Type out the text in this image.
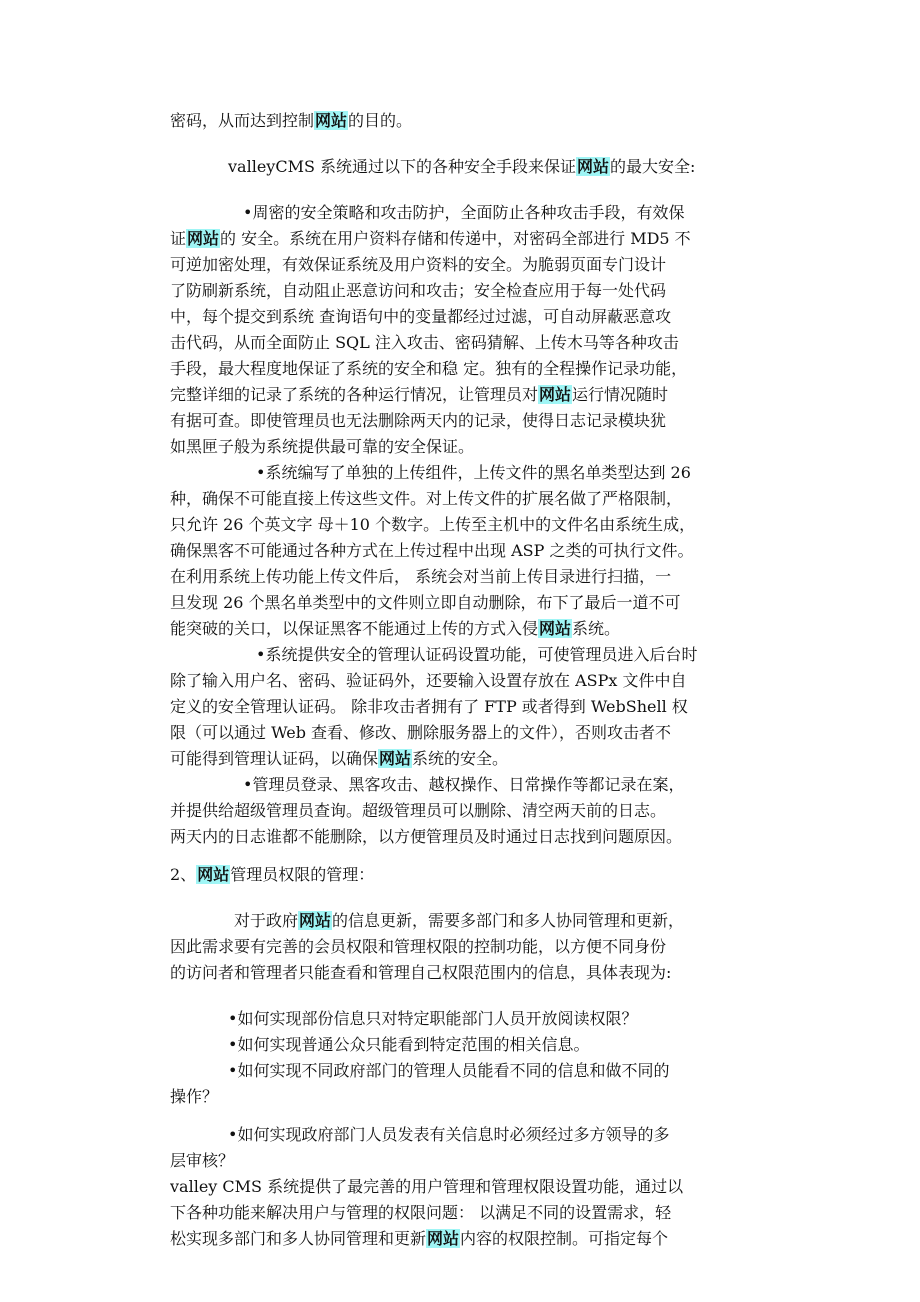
密码，从而达到控制网站的目的。
valleyCMS 系统通过以下的各种安全手段来保证网站的最大安全:
•周密的安全策略和攻击防护，全面防止各种攻击手段，有效保
证网站的 安全。系统在用户资料存储和传递中，对密码全部进行 MD5 不
可逆加密处理，有效保证系统及用户资料的安全。为脆弱页面专门设计
了防刷新系统，自动阻止恶意访问和攻击；安全检查应用于每一处代码
中，每个提交到系统 查询语句中的变量都经过过滤，可自动屏蔽恶意攻
击代码，从而全面防止 SQL 注入攻击、密码猜解、上传木马等各种攻击
手段，最大程度地保证了系统的安全和稳 定。独有的全程操作记录功能，
完整详细的记录了系统的各种运行情况，让管理员对网站运行情况随时
有据可查。即使管理员也无法删除两天内的记录，使得日志记录模块犹
如黑匣子般为系统提供最可靠的安全保证。
•系统编写了单独的上传组件，上传文件的黑名单类型达到 26
种，确保不可能直接上传这些文件。对上传文件的扩展名做了严格限制，
只允许 26 个英文字 母＋10 个数字。上传至主机中的文件名由系统生成，
确保黑客不可能通过各种方式在上传过程中出现 ASP 之类的可执行文件。
在利用系统上传功能上传文件后， 系统会对当前上传目录进行扫描，一
旦发现 26 个黑名单类型中的文件则立即自动删除，布下了最后一道不可
能突破的关口，以保证黑客不能通过上传的方式入侵网站系统。
•系统提供安全的管理认证码设置功能，可使管理员进入后台时
除了输入用户名、密码、验证码外，还要输入设置存放在 ASPx 文件中自
定义的安全管理认证码。 除非攻击者拥有了 FTP 或者得到 WebShell 权
限（可以通过 Web 查看、修改、删除服务器上的文件），否则攻击者不
可能得到管理认证码，以确保网站系统的安全。
•管理员登录、黑客攻击、越权操作、日常操作等都记录在案，
并提供给超级管理员查询。超级管理员可以删除、清空两天前的日志。
两天内的日志谁都不能删除，以方便管理员及时通过日志找到问题原因。
2、网站管理员权限的管理：
对于政府网站的信息更新，需要多部门和多人协同管理和更新，
因此需求要有完善的会员权限和管理权限的控制功能，以方便不同身份
的访问者和管理者只能查看和管理自己权限范围内的信息，具体表现为:
•如何实现部份信息只对特定职能部门人员开放阅读权限？
•如何实现普通公众只能看到特定范围的相关信息。
•如何实现不同政府部门的管理人员能看不同的信息和做不同的
操作？
•如何实现政府部门人员发表有关信息时必须经过多方领导的多
层审核？
valley CMS 系统提供了最完善的用户管理和管理权限设置功能，通过以
下各种功能来解决用户与管理的权限问题： 以满足不同的设置需求，轻
松实现多部门和多人协同管理和更新网站内容的权限控制。可指定每个
